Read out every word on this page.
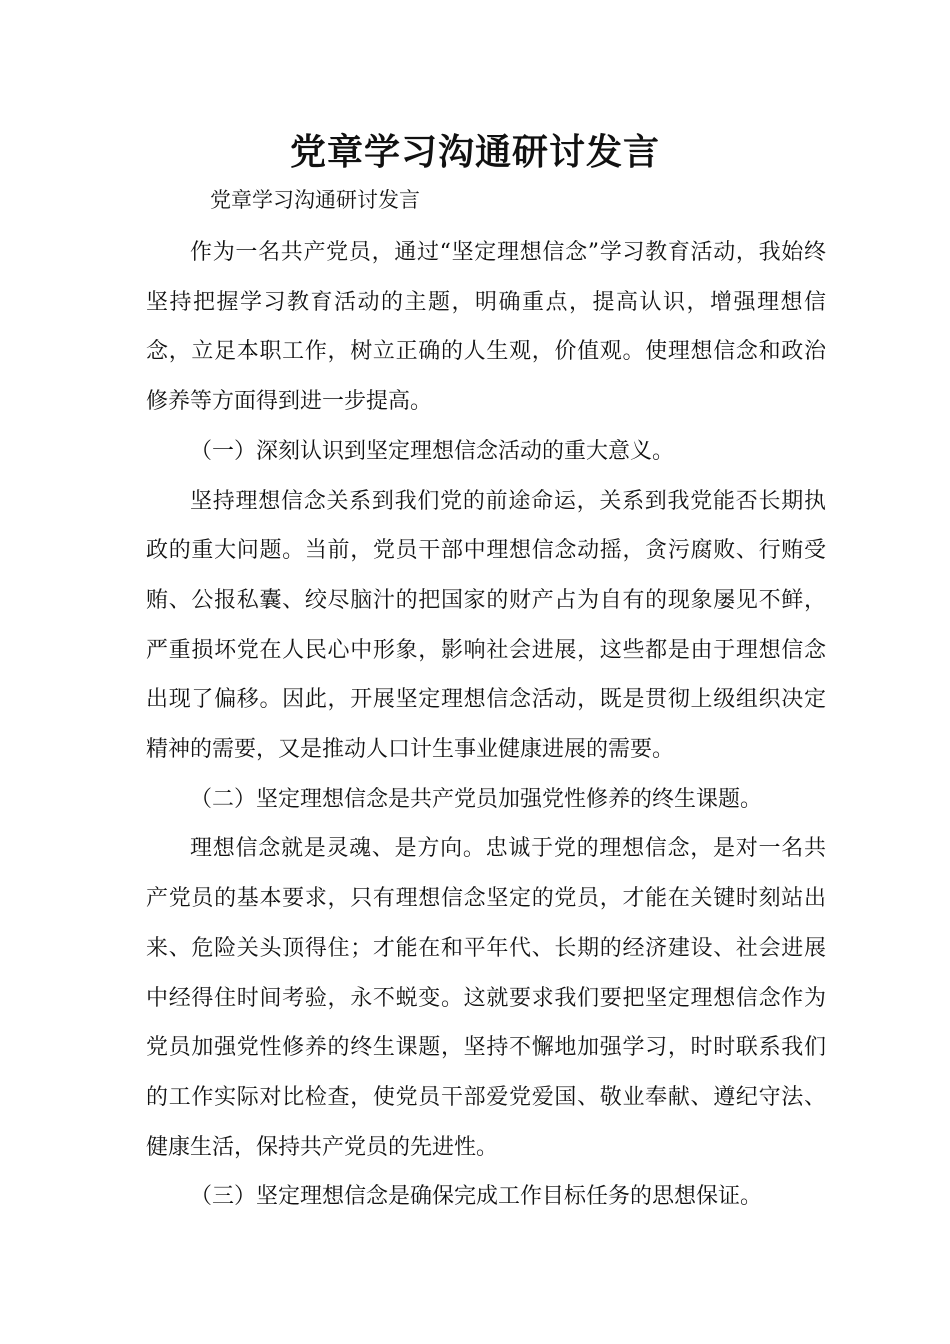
党章学习沟通研讨发言
党章学习沟通研讨发言

作为一名共产党员，通过“坚定理想信念”学习教育活动，我始终坚持把握学习教育活动的主题，明确重点，提高认识，增强理想信念，立足本职工作，树立正确的人生观，价值观。使理想信念和政治修养等方面得到进一步提高。

（一）深刻认识到坚定理想信念活动的重大意义。

坚持理想信念关系到我们党的前途命运，关系到我党能否长期执政的重大问题。当前，党员干部中理想信念动摇，贪污腐败、行贿受贿、公报私囊、绞尽脑汁的把国家的财产占为自有的现象屡见不鲜，严重损坏党在人民心中形象，影响社会进展，这些都是由于理想信念出现了偏移。因此，开展坚定理想信念活动，既是贯彻上级组织决定精神的需要，又是推动人口计生事业健康进展的需要。

（二）坚定理想信念是共产党员加强党性修养的终生课题。

理想信念就是灵魂、是方向。忠诚于党的理想信念，是对一名共产党员的基本要求，只有理想信念坚定的党员，才能在关键时刻站出来、危险关头顶得住；才能在和平年代、长期的经济建设、社会进展中经得住时间考验，永不蜕变。这就要求我们要把坚定理想信念作为党员加强党性修养的终生课题，坚持不懈地加强学习，时时联系我们的工作实际对比检查，使党员干部爱党爱国、敬业奉献、遵纪守法、健康生活，保持共产党员的先进性。

（三）坚定理想信念是确保完成工作目标任务的思想保证。
